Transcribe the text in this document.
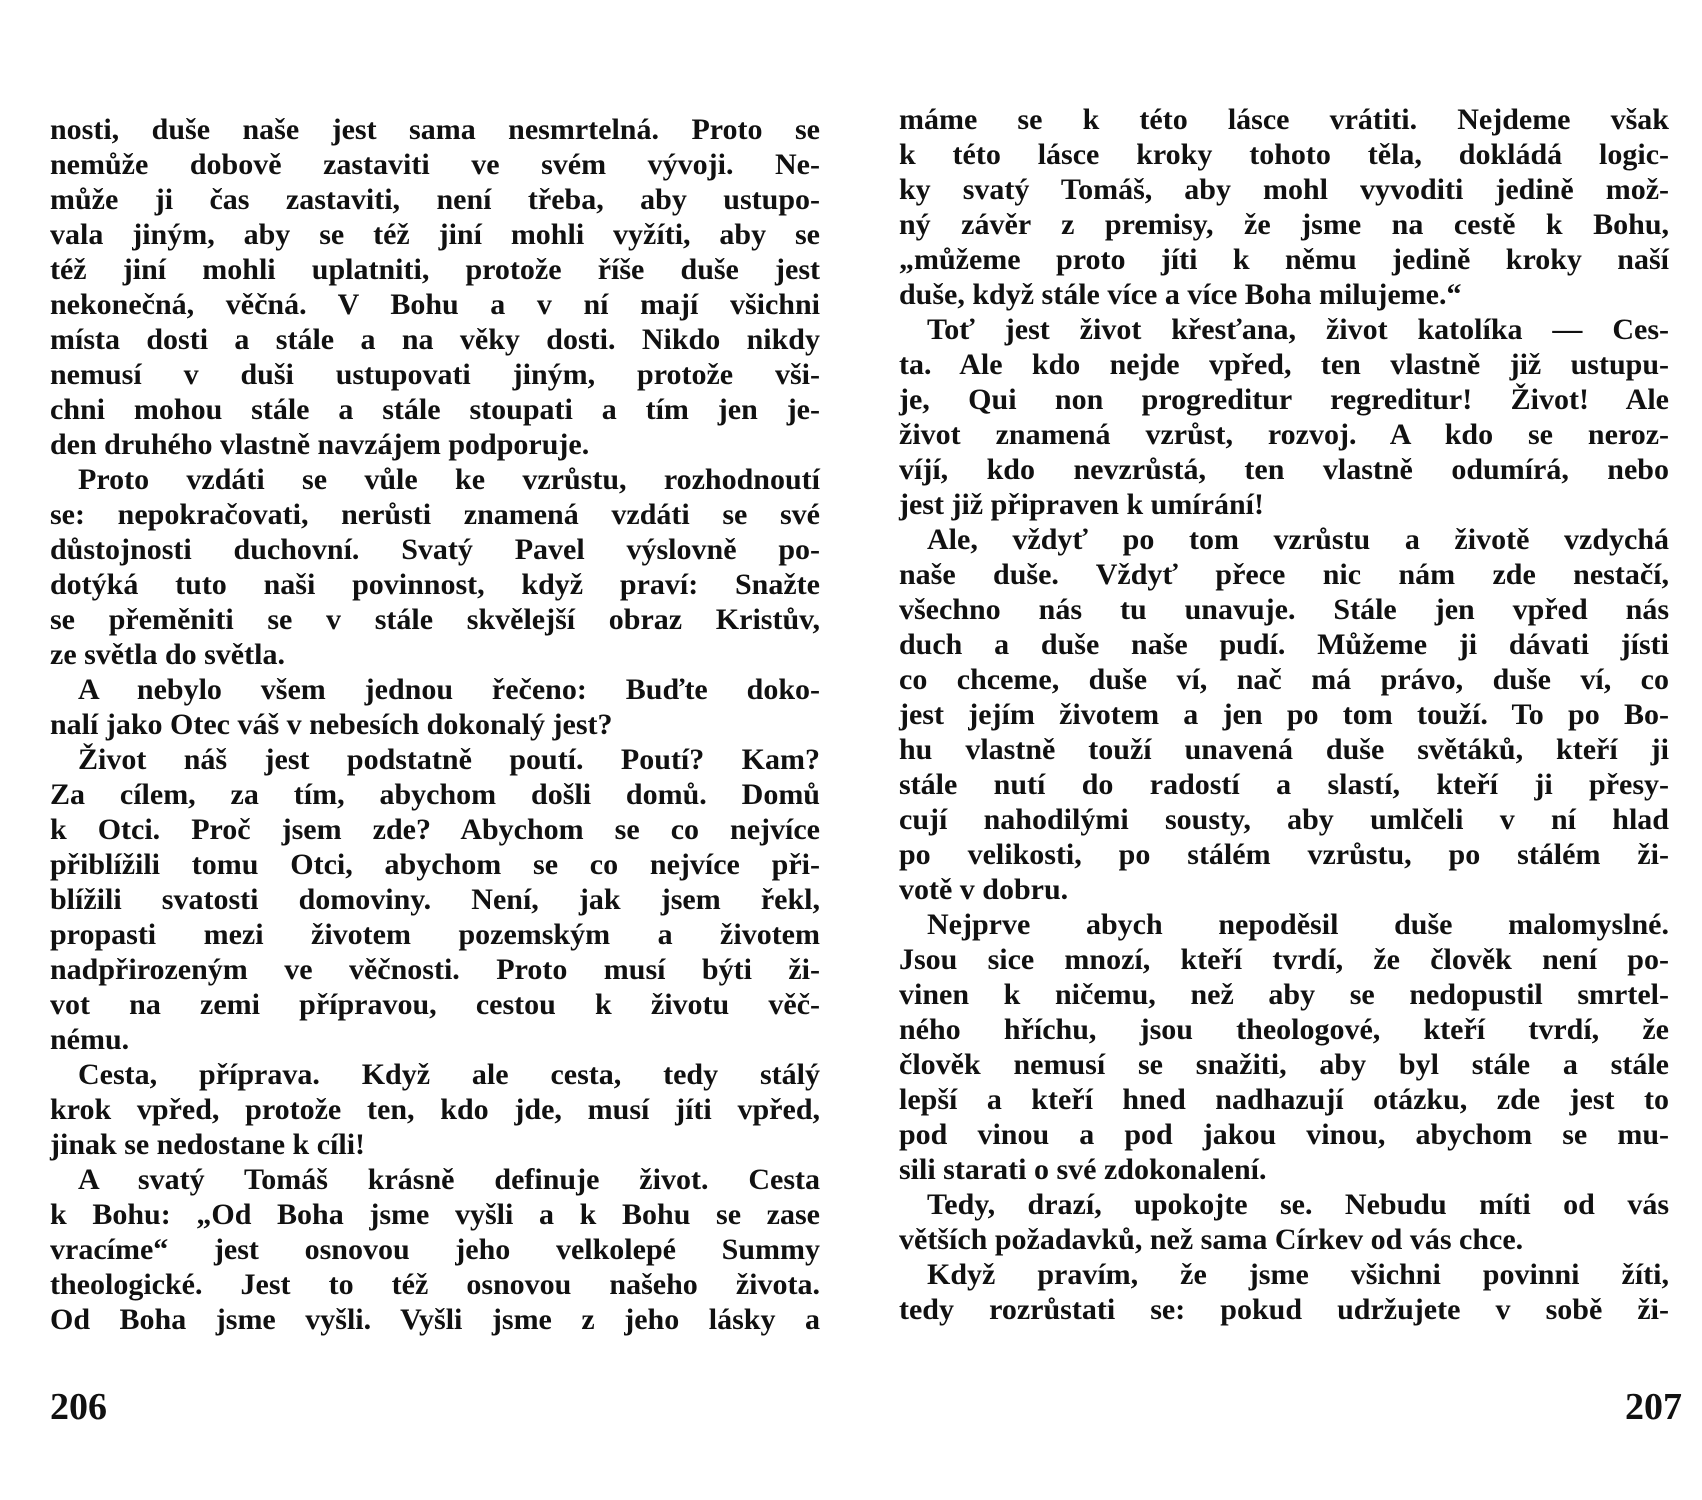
nosti, duše naše jest sama nesmrtelná. Proto se
nemůže dobově zastaviti ve svém vývoji. Ne-
může ji čas zastaviti, není třeba, aby ustupo-
vala jiným, aby se též jiní mohli vyžíti, aby se
též jiní mohli uplatniti, protože říše duše jest
nekonečná, věčná. V Bohu a v ní mají všichni
místa dosti a stále a na věky dosti. Nikdo nikdy
nemusí v duši ustupovati jiným, protože vši-
chni mohou stále a stále stoupati a tím jen je-
den druhého vlastně navzájem podporuje.
Proto vzdáti se vůle ke vzrůstu, rozhodnoutí
se: nepokračovati, nerůsti znamená vzdáti se své
důstojnosti duchovní. Svatý Pavel výslovně po-
dotýká tuto naši povinnost, když praví: Snažte
se přeměniti se v stále skvělejší obraz Kristův,
ze světla do světla.
A nebylo všem jednou řečeno: Buďte doko-
nalí jako Otec váš v nebesích dokonalý jest?
Život náš jest podstatně poutí. Poutí? Kam?
Za cílem, za tím, abychom došli domů. Domů
k Otci. Proč jsem zde? Abychom se co nejvíce
přiblížili tomu Otci, abychom se co nejvíce při-
blížili svatosti domoviny. Není, jak jsem řekl,
propasti mezi životem pozemským a životem
nadpřirozeným ve věčnosti. Proto musí býti ži-
vot na zemi přípravou, cestou k životu věč-
nému.
Cesta, příprava. Když ale cesta, tedy stálý
krok vpřed, protože ten, kdo jde, musí jíti vpřed,
jinak se nedostane k cíli!
A svatý Tomáš krásně definuje život. Cesta
k Bohu: „Od Boha jsme vyšli a k Bohu se zase
vracíme“ jest osnovou jeho velkolepé Summy
theologické. Jest to též osnovou našeho života.
Od Boha jsme vyšli. Vyšli jsme z jeho lásky a
206
máme se k této lásce vrátiti. Nejdeme však
k této lásce kroky tohoto těla, dokládá logic-
ky svatý Tomáš, aby mohl vyvoditi jedině mož-
ný závěr z premisy, že jsme na cestě k Bohu,
„můžeme proto jíti k němu jedině kroky naší
duše, když stále více a více Boha milujeme.“
Toť jest život křesťana, život katolíka — Ces-
ta. Ale kdo nejde vpřed, ten vlastně již ustupu-
je, Qui non progreditur regreditur! Život! Ale
život znamená vzrůst, rozvoj. A kdo se neroz-
víjí, kdo nevzrůstá, ten vlastně odumírá, nebo
jest již připraven k umírání!
Ale, vždyť po tom vzrůstu a životě vzdychá
naše duše. Vždyť přece nic nám zde nestačí,
všechno nás tu unavuje. Stále jen vpřed nás
duch a duše naše pudí. Můžeme ji dávati jísti
co chceme, duše ví, nač má právo, duše ví, co
jest jejím životem a jen po tom touží. To po Bo-
hu vlastně touží unavená duše světáků, kteří ji
stále nutí do radostí a slastí, kteří ji přesy-
cují nahodilými sousty, aby umlčeli v ní hlad
po velikosti, po stálém vzrůstu, po stálém ži-
votě v dobru.
Nejprve abych nepoděsil duše malomyslné.
Jsou sice mnozí, kteří tvrdí, že člověk není po-
vinen k ničemu, než aby se nedopustil smrtel-
ného hříchu, jsou theologové, kteří tvrdí, že
člověk nemusí se snažiti, aby byl stále a stále
lepší a kteří hned nadhazují otázku, zde jest to
pod vinou a pod jakou vinou, abychom se mu-
sili starati o své zdokonalení.
Tedy, drazí, upokojte se. Nebudu míti od vás
větších požadavků, než sama Církev od vás chce.
Když pravím, že jsme všichni povinni žíti,
tedy rozrůstati se: pokud udržujete v sobě ži-
207
